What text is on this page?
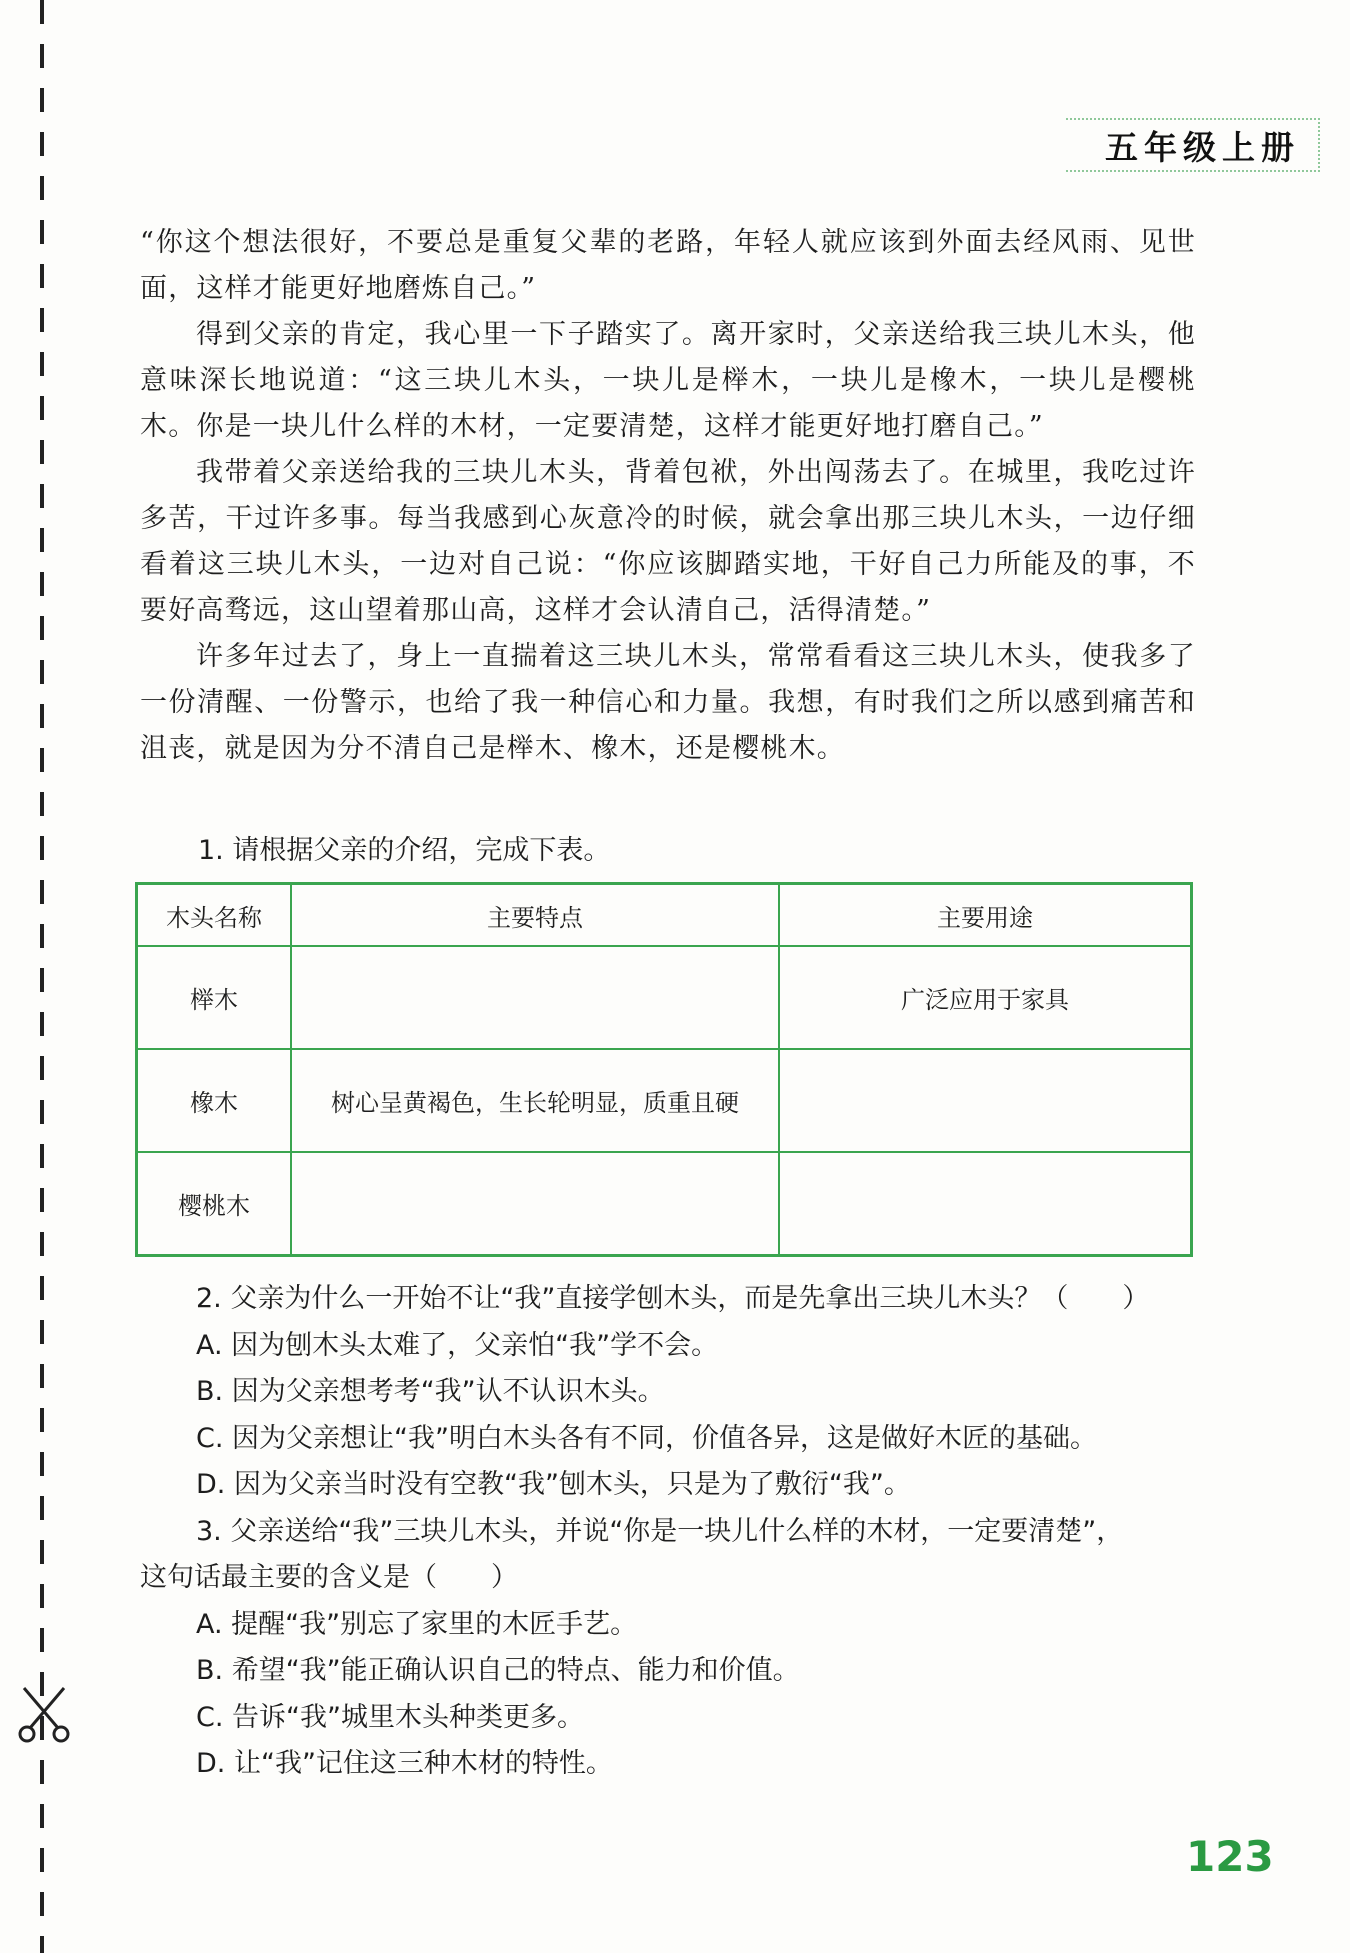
五年级上册

“你这个想法很好，不要总是重复父辈的老路，年轻人就应该到外面去经风雨、见世面，这样才能更好地磨炼自己。”

得到父亲的肯定，我心里一下子踏实了。离开家时，父亲送给我三块儿木头，他意味深长地说道：“这三块儿木头，一块儿是榉木，一块儿是橡木，一块儿是樱桃木。你是一块儿什么样的木材，一定要清楚，这样才能更好地打磨自己。”

我带着父亲送给我的三块儿木头，背着包袱，外出闯荡去了。在城里，我吃过许多苦，干过许多事。每当我感到心灰意冷的时候，就会拿出那三块儿木头，一边仔细看着这三块儿木头，一边对自己说：“你应该脚踏实地，干好自己力所能及的事，不要好高骛远，这山望着那山高，这样才会认清自己，活得清楚。”

许多年过去了，身上一直揣着这三块儿木头，常常看看这三块儿木头，使我多了一份清醒、一份警示，也给了我一种信心和力量。我想，有时我们之所以感到痛苦和沮丧，就是因为分不清自己是榉木、橡木，还是樱桃木。

1. 请根据父亲的介绍，完成下表。
木头名称	主要特点	主要用途
榉木		广泛应用于家具
橡木	树心呈黄褐色，生长轮明显，质重且硬	
樱桃木		
2. 父亲为什么一开始不让“我”直接学刨木头，而是先拿出三块儿木头？（　　）
A. 因为刨木头太难了，父亲怕“我”学不会。
B. 因为父亲想考考“我”认不认识木头。
C. 因为父亲想让“我”明白木头各有不同，价值各异，这是做好木匠的基础。
D. 因为父亲当时没有空教“我”刨木头，只是为了敷衍“我”。
3. 父亲送给“我”三块儿木头，并说“你是一块儿什么样的木材，一定要清楚”，
这句话最主要的含义是（　　）
A. 提醒“我”别忘了家里的木匠手艺。
B. 希望“我”能正确认识自己的特点、能力和价值。
C. 告诉“我”城里木头种类更多。
D. 让“我”记住这三种木材的特性。
123
